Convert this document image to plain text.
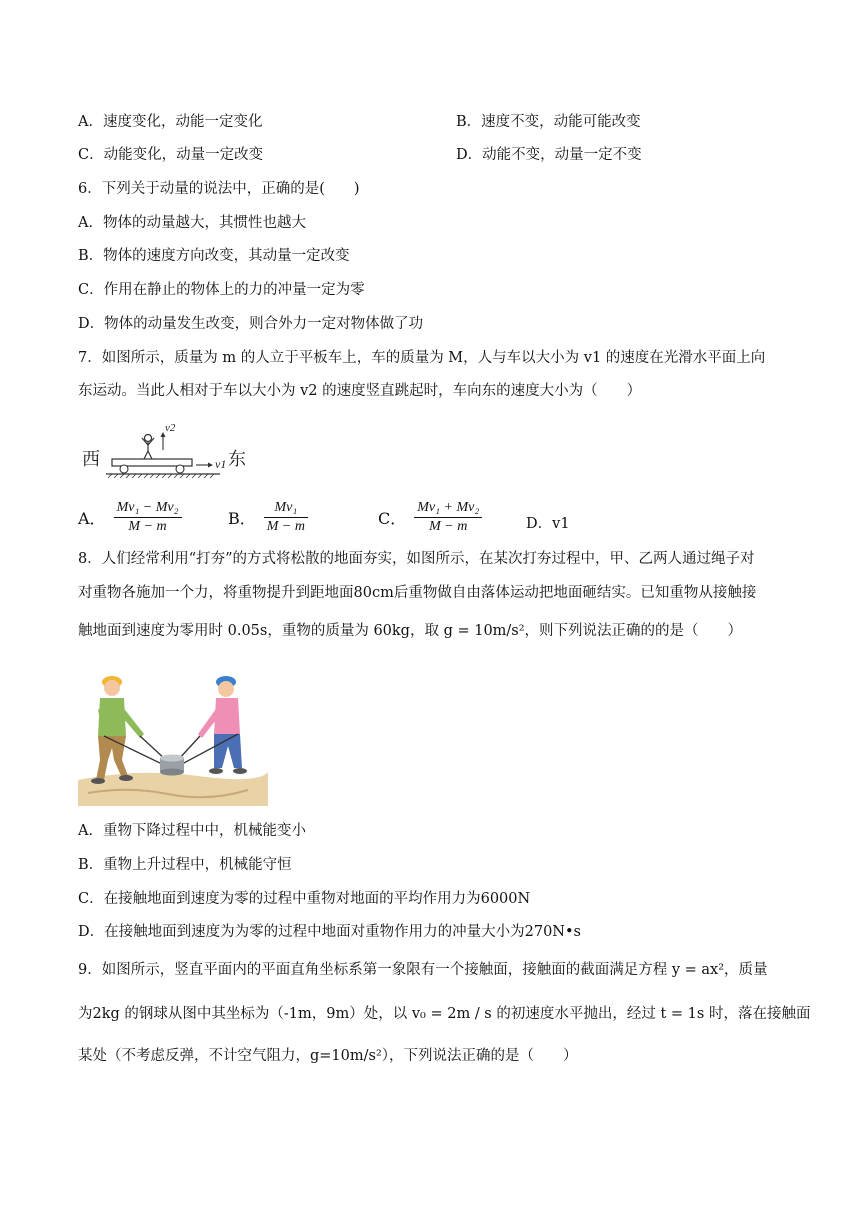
A．速度变化，动能一定变化	B．速度不变，动能可能改变
C．动能变化，动量一定改变	D．动能不变，动量一定不变
6．下列关于动量的说法中，正确的是(　　)
A．物体的动量越大，其惯性也越大
B．物体的速度方向改变，其动量一定改变
C．作用在静止的物体上的力的冲量一定为零
D．物体的动量发生改变，则合外力一定对物体做了功
7．如图所示，质量为 m 的人立于平板车上，车的质量为 M，人与车以大小为 v1 的速度在光滑水平面上向
东运动。当此人相对于车以大小为 v2 的速度竖直跳起时，车向东的速度大小为（　　）
西	东
v2
v1
A． $\frac{\text{Mv₁ − Mv₂}}{M - m}$	B． $\frac{\text{Mv₁}}{M - m}$	C． $\frac{\text{Mv₁ + Mv₂}}{M - m}$	D．v1
8．人们经常利用“打夯”的方式将松散的地面夯实，如图所示，在某次打夯过程中，甲、乙两人通过绳子对
对重物各施加一个力，将重物提升到距地面80cm后重物做自由落体运动把地面砸结实。已知重物从接触接
触地面到速度为零用时 0.05s，重物的质量为 60kg，取 g = 10m/s²，则下列说法正确的的是（　　）
A．重物下降过程中中，机械能变小
B．重物上升过程中，机械能守恒
C．在接触地面到速度为零的过程中重物对地面的平均作用力为6000N
D．在接触地面到速度为为零的过程中地面对重物作用力的冲量大小为270N•s
9．如图所示，竖直平面内的平面直角坐标系第一象限有一个接触面，接触面的截面满足方程 y = ax²，质量
为2kg 的钢球从图中其坐标为（-1m，9m）处，以 v₀ = 2m / s 的初速度水平抛出，经过 t = 1s 时，落在接触面
某处（不考虑反弹，不计空气阻力，g=10m/s²），下列说法正确的是（　　）
